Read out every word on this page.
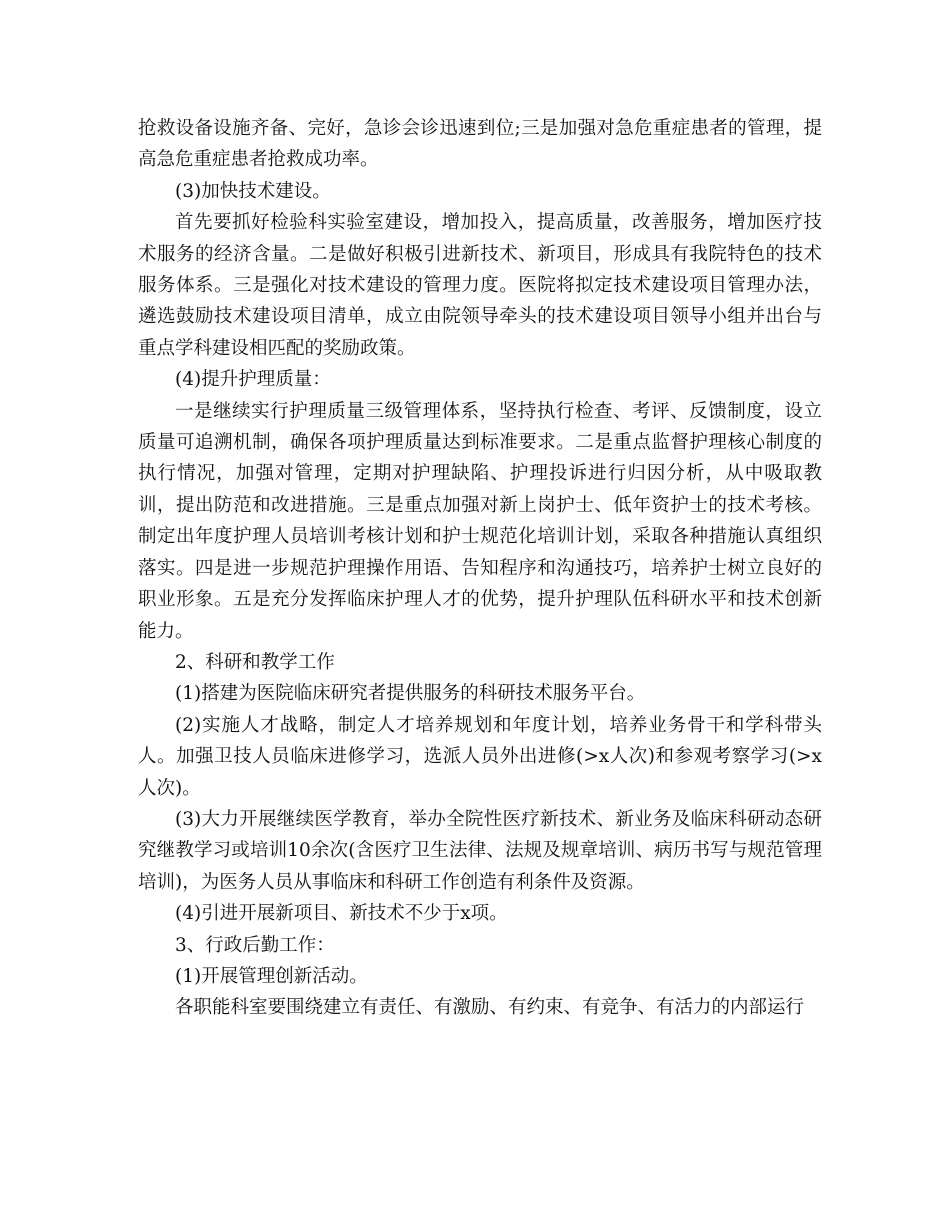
抢救设备设施齐备、完好，急诊会诊迅速到位;三是加强对急危重症患者的管理，提高急危重症患者抢救成功率。

(3)加快技术建设。

首先要抓好检验科实验室建设，增加投入，提高质量，改善服务，增加医疗技术服务的经济含量。二是做好积极引进新技术、新项目，形成具有我院特色的技术服务体系。三是强化对技术建设的管理力度。医院将拟定技术建设项目管理办法，遴选鼓励技术建设项目清单，成立由院领导牵头的技术建设项目领导小组并出台与重点学科建设相匹配的奖励政策。

(4)提升护理质量：

一是继续实行护理质量三级管理体系，坚持执行检查、考评、反馈制度，设立质量可追溯机制，确保各项护理质量达到标准要求。二是重点监督护理核心制度的执行情况，加强对管理，定期对护理缺陷、护理投诉进行归因分析，从中吸取教训，提出防范和改进措施。三是重点加强对新上岗护士、低年资护士的技术考核。制定出年度护理人员培训考核计划和护士规范化培训计划，采取各种措施认真组织落实。四是进一步规范护理操作用语、告知程序和沟通技巧，培养护士树立良好的职业形象。五是充分发挥临床护理人才的优势，提升护理队伍科研水平和技术创新能力。

2、科研和教学工作

(1)搭建为医院临床研究者提供服务的科研技术服务平台。

(2)实施人才战略，制定人才培养规划和年度计划，培养业务骨干和学科带头人。加强卫技人员临床进修学习，选派人员外出进修(>x人次)和参观考察学习(>x人次)。

(3)大力开展继续医学教育，举办全院性医疗新技术、新业务及临床科研动态研究继教学习或培训10余次(含医疗卫生法律、法规及规章培训、病历书写与规范管理培训)，为医务人员从事临床和科研工作创造有利条件及资源。

(4)引进开展新项目、新技术不少于x项。

3、行政后勤工作：

(1)开展管理创新活动。

各职能科室要围绕建立有责任、有激励、有约束、有竞争、有活力的内部运行
